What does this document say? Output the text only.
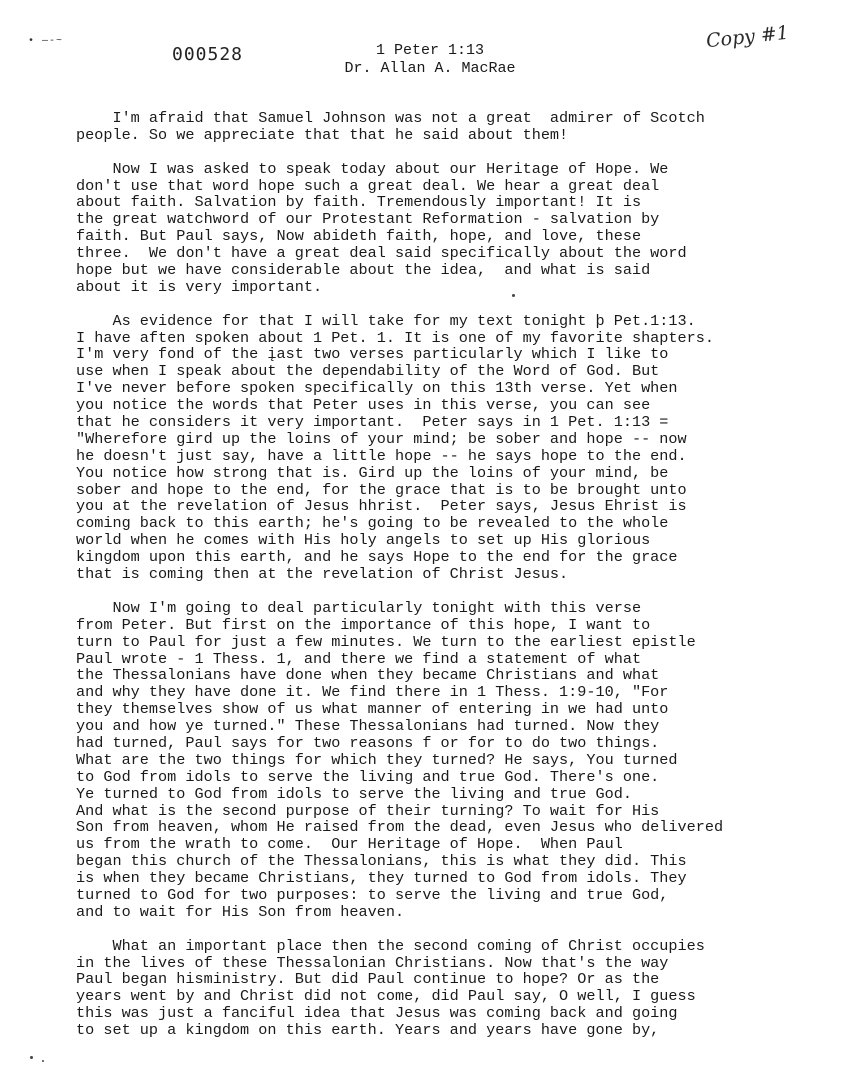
• —-~
000528	1 Peter 1:13
Dr. Allan A. MacRae
Copy #1
I'm afraid that Samuel Johnson was not a great  admirer of Scotch
people. So we appreciate that that he said about them!
Now I was asked to speak today about our Heritage of Hope. We
don't use that word hope such a great deal. We hear a great deal
about faith. Salvation by faith. Tremendously important! It is
the great watchword of our Protestant Reformation - salvation by
faith. But Paul says, Now abideth faith, hope, and love, these
three.  We don't have a great deal said specifically about the word
hope but we have considerable about the idea,  and what is said
about it is very important.
As evidence for that I will take for my text tonight þ Pet.1:13.
I have aften spoken about 1 Pet. 1. It is one of my favorite shapters.
I'm very fond of the įast two verses particularly which I like to
use when I speak about the dependability of the Word of God. But
I've never before spoken specifically on this 13th verse. Yet when
you notice the words that Peter uses in this verse, you can see
that he considers it very important.  Peter says in 1 Pet. 1:13 =
"Wherefore gird up the loins of your mind; be sober and hope -- now
he doesn't just say, have a little hope -- he says hope to the end.
You notice how strong that is. Gird up the loins of your mind, be
sober and hope to the end, for the grace that is to be brought unto
you at the revelation of Jesus hhrist.  Peter says, Jesus Ehrist is
coming back to this earth; he's going to be revealed to the whole
world when he comes with His holy angels to set up His glorious
kingdom upon this earth, and he says Hope to the end for the grace
that is coming then at the revelation of Christ Jesus.
Now I'm going to deal particularly tonight with this verse
from Peter. But first on the importance of this hope, I want to
turn to Paul for just a few minutes. We turn to the earliest epistle
Paul wrote - 1 Thess. 1, and there we find a statement of what
the Thessalonians have done when they became Christians and what
and why they have done it. We find there in 1 Thess. 1:9-10, "For
they themselves show of us what manner of entering in we had unto
you and how ye turned." These Thessalonians had turned. Now they
had turned, Paul says for two reasons f or for to do two things.
What are the two things for which they turned? He says, You turned
to God from idols to serve the living and true God. There's one.
Ye turned to God from idols to serve the living and true God.
And what is the second purpose of their turning? To wait for His
Son from heaven, whom He raised from the dead, even Jesus who delivered
us from the wrath to come.  Our Heritage of Hope.  When Paul
began this church of the Thessalonians, this is what they did. This
is when they became Christians, they turned to God from idols. They
turned to God for two purposes: to serve the living and true God,
and to wait for His Son from heaven.
What an important place then the second coming of Christ occupies
in the lives of these Thessalonian Christians. Now that's the way
Paul began hisministry. But did Paul continue to hope? Or as the
years went by and Christ did not come, did Paul say, O well, I guess
this was just a fanciful idea that Jesus was coming back and going
to set up a kingdom on this earth. Years and years have gone by,
